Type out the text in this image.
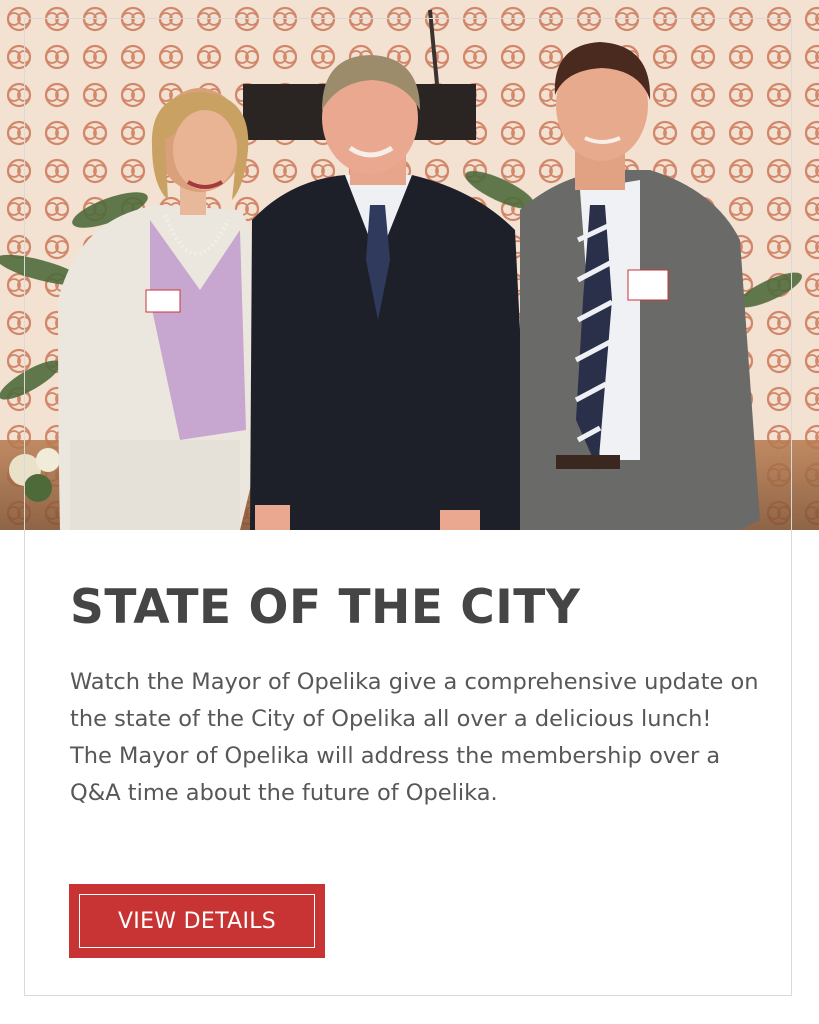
STATE OF THE CITY

Watch the Mayor of Opelika give a comprehensive update on the state of the City of Opelika all over a delicious lunch! The Mayor of Opelika will address the membership over a Q&A time about the future of Opelika.

VIEW DETAILS
